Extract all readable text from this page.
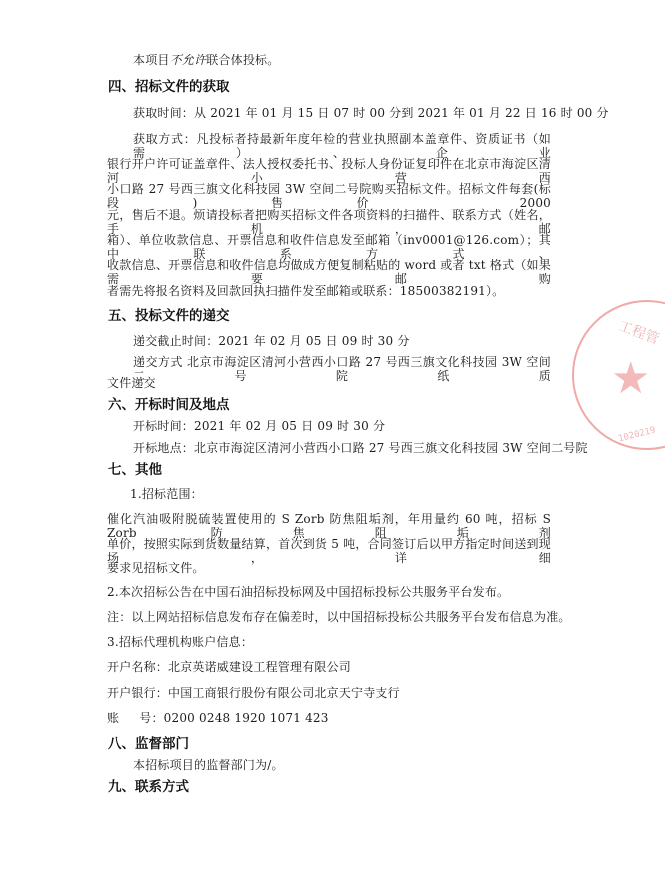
工程管
★
1020219
本项目不允许联合体投标。
四、招标文件的获取
获取时间：从 2021 年 01 月 15 日 07 时 00 分到 2021 年 01 月 22 日 16 时 00 分
获取方式：凡投标者持最新年度年检的营业执照副本盖章件、资质证书（如需）、企业
银行开户许可证盖章件、法人授权委托书、投标人身份证复印件在北京市海淀区清河小营西
小口路 27 号西三旗文化科技园 3W 空间二号院购买招标文件。招标文件每套(标段)售价 2000
元，售后不退。烦请投标者把购买招标文件各项资料的扫描件、联系方式（姓名，手机，邮
箱）、单位收款信息、开票信息和收件信息发至邮箱（inv0001@126.com）；其中联系方式、
收款信息、开票信息和收件信息均做成方便复制粘贴的 word 或者 txt 格式（如果需要邮购
者需先将报名资料及回款回执扫描件发至邮箱或联系：18500382191）。
五、投标文件的递交
递交截止时间：2021 年 02 月 05 日 09 时 30 分
递交方式 北京市海淀区清河小营西小口路 27 号西三旗文化科技园 3W 空间二号院纸质
文件递交
六、开标时间及地点
开标时间：2021 年 02 月 05 日 09 时 30 分
开标地点：北京市海淀区清河小营西小口路 27 号西三旗文化科技园 3W 空间二号院
七、其他
1.招标范围：
催化汽油吸附脱硫装置使用的 S Zorb 防焦阻垢剂，年用量约 60 吨，招标 S Zorb 防焦阻垢剂
单价，按照实际到货数量结算，首次到货 5 吨，合同签订后以甲方指定时间送到现场，详细
要求见招标文件。
2.本次招标公告在中国石油招标投标网及中国招标投标公共服务平台发布。
注：以上网站招标信息发布存在偏差时，以中国招标投标公共服务平台发布信息为准。
3.招标代理机构账户信息：
开户名称：北京英诺威建设工程管理有限公司
开户银行：中国工商银行股份有限公司北京天宁寺支行
账     号：0200 0248 1920 1071 423
八、监督部门
本招标项目的监督部门为/。
九、联系方式
